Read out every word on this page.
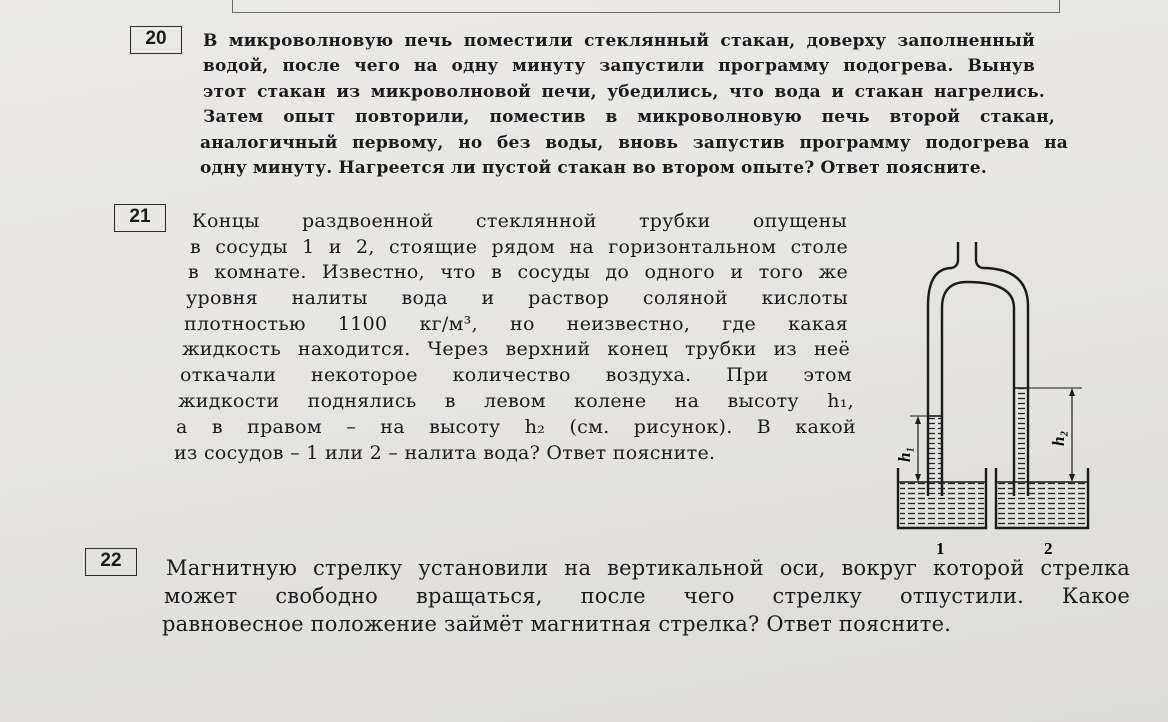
20	В микроволновую печь поместили стеклянный стакан, доверху заполненный
водой, после чего на одну минуту запустили программу подогрева. Вынув
этот стакан из микроволновой печи, убедились, что вода и стакан нагрелись.
Затем опыт повторили, поместив в микроволновую печь второй стакан,
аналогичный первому, но без воды, вновь запустив программу подогрева на
одну минуту. Нагреется ли пустой стакан во втором опыте? Ответ поясните.
21	Концы раздвоенной стеклянной трубки опущены
в сосуды 1 и 2, стоящие рядом на горизонтальном столе
в комнате. Известно, что в сосуды до одного и того же
уровня налиты вода и раствор соляной кислоты
плотностью 1100 кг/м³, но неизвестно, где какая
жидкость находится. Через верхний конец трубки из неё
откачали некоторое количество воздуха. При этом
жидкости поднялись в левом колене на высоту h₁,
а в правом – на высоту h₂ (см. рисунок). В какой
из сосудов – 1 или 2 – налита вода? Ответ поясните.	h₁
h₂
1	2
22	Магнитную стрелку установили на вертикальной оси, вокруг которой стрелка
может свободно вращаться, после чего стрелку отпустили. Какое
равновесное положение займёт магнитная стрелка? Ответ поясните.
